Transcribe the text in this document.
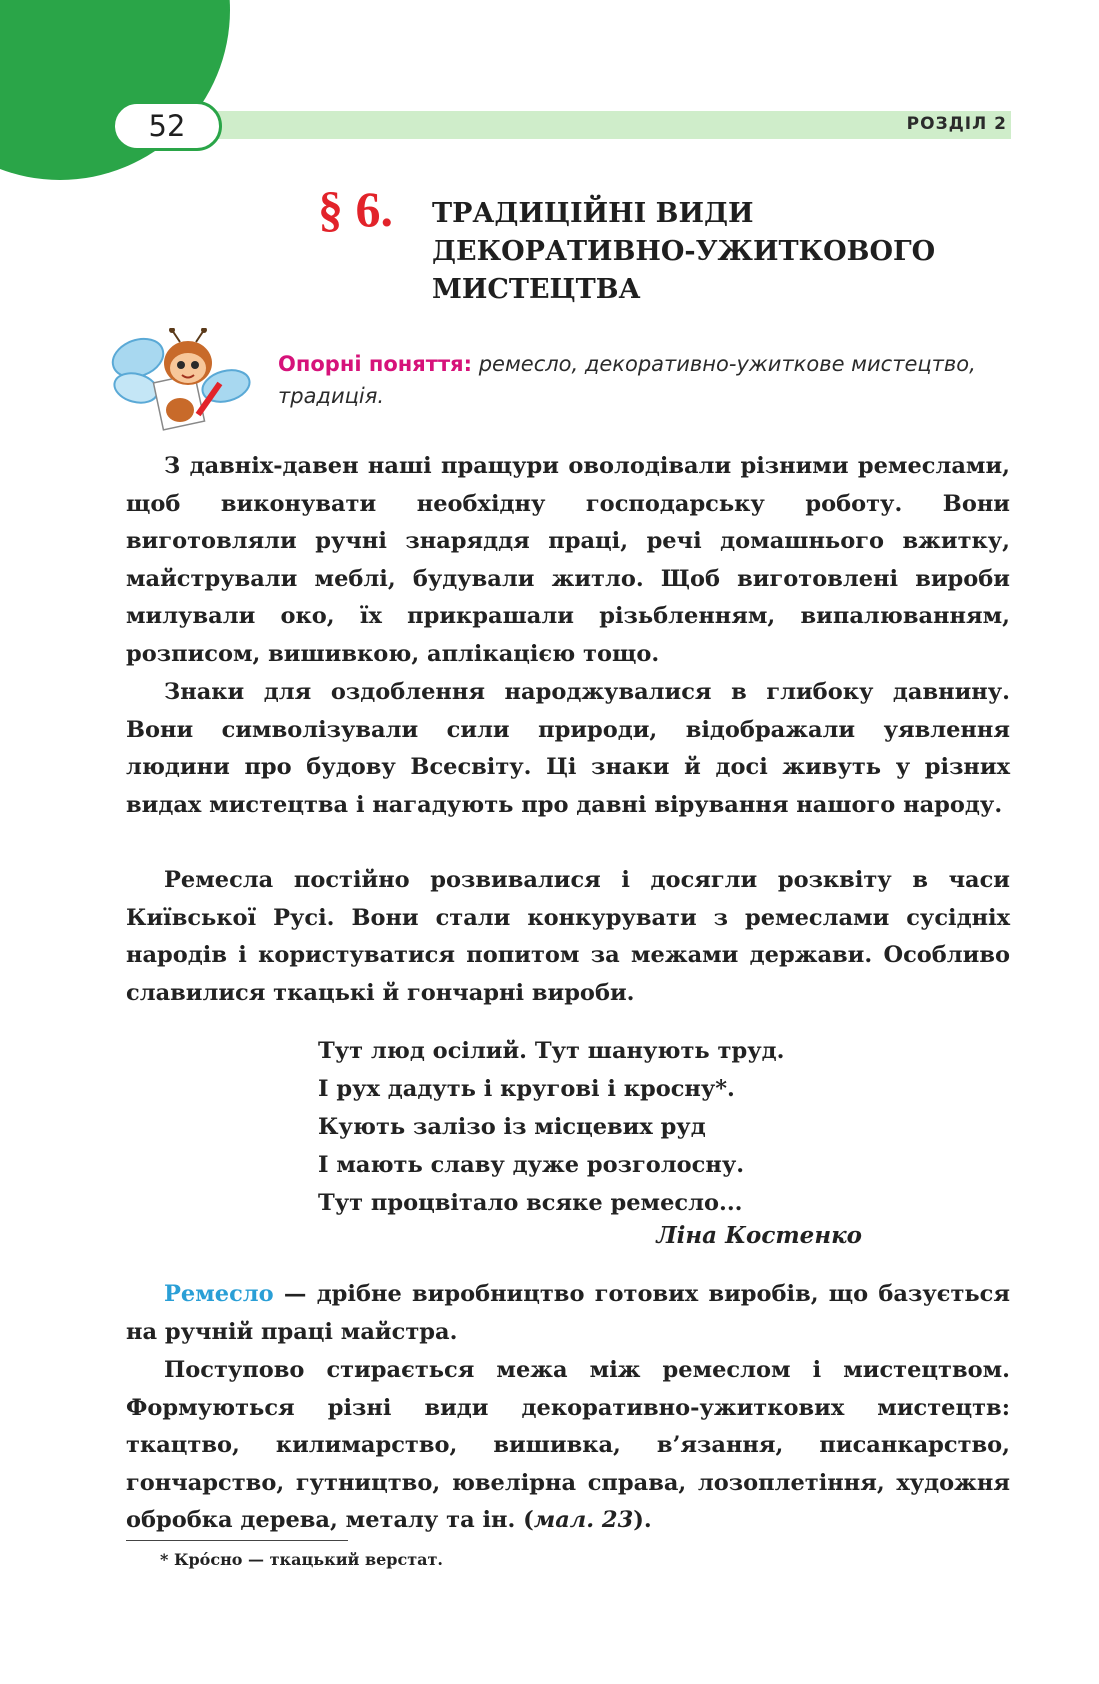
52	РОЗДІЛ 2
§ 6. ТРАДИЦІЙНІ ВИДИ
ДЕКОРАТИВНО-УЖИТКОВОГО
МИСТЕЦТВА
Опорні поняття: ремесло, декоративно-ужиткове мистецтво, традиція.

З давніх-давен наші пращури оволодівали різними ремеслами, щоб виконувати необхідну господарську роботу. Вони виготовляли ручні знаряддя праці, речі домашнього вжитку, майстрували меблі, будували житло. Щоб виготовлені вироби милували око, їх прикрашали різьбленням, випалюванням, розписом, вишивкою, аплікацією тощо.

Знаки для оздоблення народжувалися в глибоку давнину. Вони символізували сили природи, відображали уявлення людини про будову Всесвіту. Ці знаки й досі живуть у різних видах мистецтва і нагадують про давні вірування нашого народу.

Ремесла постійно розвивалися і досягли розквіту в часи Київської Русі. Вони стали конкурувати з ремеслами сусідніх народів і користуватися попитом за межами держави. Особливо славилися ткацькі й гончарні вироби.

Тут люд осілий. Тут шанують труд.
І рух дадуть і кругові і кросну*.
Кують залізо із місцевих руд
І мають славу дуже розголосну.
Тут процвітало всяке ремесло...
Ліна Костенко

Ремесло — дрібне виробництво готових виробів, що базується на ручній праці майстра.

Поступово стирається межа між ремеслом і мистецтвом. Формуються різні види декоративно-ужиткових мистецтв: ткацтво, килимарство, вишивка, в’язання, писанкарство, гончарство, гутництво, ювелірна справа, лозоплетіння, художня обробка дерева, металу та ін. (мал. 23).

* Кро́сно — ткацький верстат.
